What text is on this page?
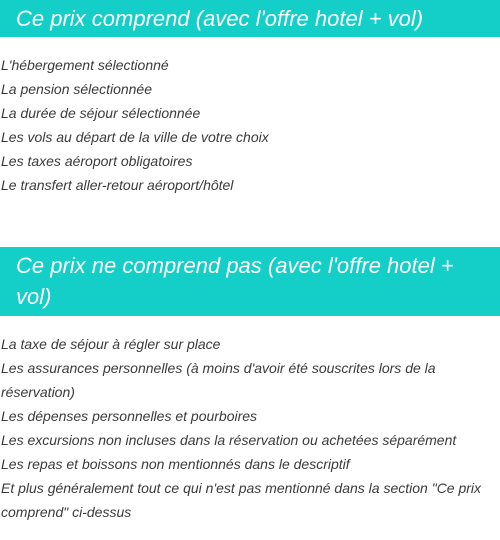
Ce prix comprend (avec l'offre hotel + vol)
L'hébergement sélectionné
La pension sélectionnée
La durée de séjour sélectionnée
Les vols au départ de la ville de votre choix
Les taxes aéroport obligatoires
Le transfert aller-retour aéroport/hôtel
Ce prix ne comprend pas (avec l'offre hotel + vol)
La taxe de séjour à régler sur place
Les assurances personnelles (à moins d'avoir été souscrites lors de la réservation)
Les dépenses personnelles et pourboires
Les excursions non incluses dans la réservation ou achetées séparément
Les repas et boissons non mentionnés dans le descriptif
Et plus généralement tout ce qui n'est pas mentionné dans la section "Ce prix comprend" ci-dessus
